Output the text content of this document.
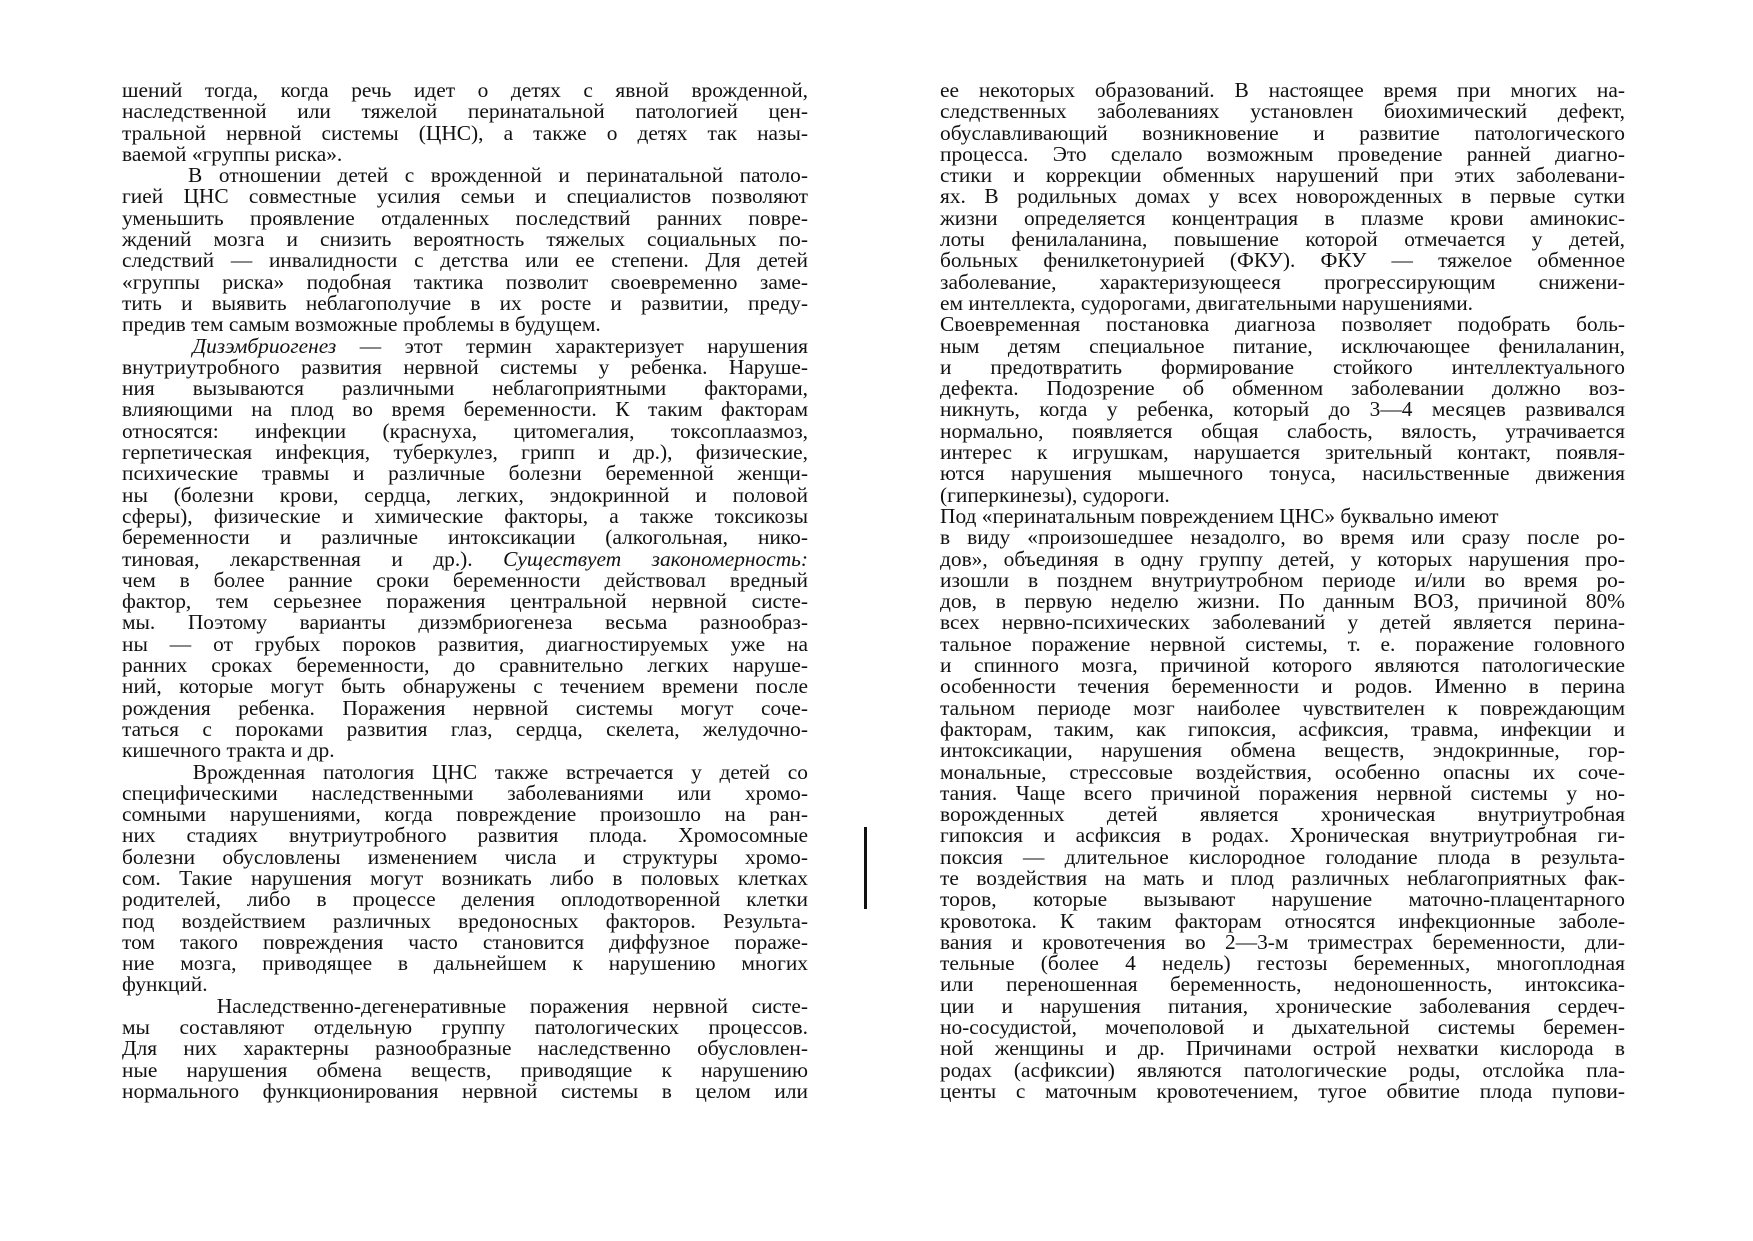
шений тогда, когда речь идет о детях с явной врожденной,
наследственной или тяжелой перинатальной патологией цен-
тральной нервной системы (ЦНС), а также о детях так назы-
ваемой «группы риска».
В отношении детей с врожденной и перинатальной патоло-
гией ЦНС совместные усилия семьи и специалистов позволяют
уменьшить проявление отдаленных последствий ранних повре-
ждений мозга и снизить вероятность тяжелых социальных по-
следствий — инвалидности с детства или ее степени. Для детей
«группы риска» подобная тактика позволит своевременно заме-
тить и выявить неблагополучие в их росте и развитии, преду-
предив тем самым возможные проблемы в будущем.
Дизэмбриогенез — этот термин характеризует нарушения
внутриутробного развития нервной системы у ребенка. Наруше-
ния вызываются различными неблагоприятными факторами,
влияющими на плод во время беременности. К таким факторам
относятся: инфекции (краснуха, цитомегалия, токсоплаазмоз,
герпетическая инфекция, туберкулез, грипп и др.), физические,
психические травмы и различные болезни беременной женщи-
ны (болезни крови, сердца, легких, эндокринной и половой
сферы), физические и химические факторы, а также токсикозы
беременности и различные интоксикации (алкогольная, нико-
тиновая, лекарственная и др.). Существует закономерность:
чем в более ранние сроки беременности действовал вредный
фактор, тем серьезнее поражения центральной нервной систе-
мы. Поэтому варианты дизэмбриогенеза весьма разнообраз-
ны — от грубых пороков развития, диагностируемых уже на
ранних сроках беременности, до сравнительно легких наруше-
ний, которые могут быть обнаружены с течением времени после
рождения ребенка. Поражения нервной системы могут соче-
таться с пороками развития глаз, сердца, скелета, желудочно-
кишечного тракта и др.
Врожденная патология ЦНС также встречается у детей со
специфическими наследственными заболеваниями или хромо-
сомными нарушениями, когда повреждение произошло на ран-
них стадиях внутриутробного развития плода. Хромосомные
болезни обусловлены изменением числа и структуры хромо-
сом. Такие нарушения могут возникать либо в половых клетках
родителей, либо в процессе деления оплодотворенной клетки
под воздействием различных вредоносных факторов. Результа-
том такого повреждения часто становится диффузное пораже-
ние мозга, приводящее в дальнейшем к нарушению многих
функций.
Наследственно-дегенеративные поражения нервной систе-
мы составляют отдельную группу патологических процессов.
Для них характерны разнообразные наследственно обусловлен-
ные нарушения обмена веществ, приводящие к нарушению
нормального функционирования нервной системы в целом или
ее некоторых образований. В настоящее время при многих на-
следственных заболеваниях установлен биохимический дефект,
обуславливающий возникновение и развитие патологического
процесса. Это сделало возможным проведение ранней диагно-
стики и коррекции обменных нарушений при этих заболевани-
ях. В родильных домах у всех новорожденных в первые сутки
жизни определяется концентрация в плазме крови аминокис-
лоты фенилаланина, повышение которой отмечается у детей,
больных фенилкетонурией (ФКУ). ФКУ — тяжелое обменное
заболевание, характеризующееся прогрессирующим снижени-
ем интеллекта, судорогами, двигательными нарушениями.
Своевременная постановка диагноза позволяет подобрать боль-
ным детям специальное питание, исключающее фенилаланин,
и предотвратить формирование стойкого интеллектуального
дефекта. Подозрение об обменном заболевании должно воз-
никнуть, когда у ребенка, который до 3—4 месяцев развивался
нормально, появляется общая слабость, вялость, утрачивается
интерес к игрушкам, нарушается зрительный контакт, появля-
ются нарушения мышечного тонуса, насильственные движения
(гиперкинезы), судороги.
Под «перинатальным повреждением ЦНС» буквально имеют
в виду «произошедшее незадолго, во время или сразу после ро-
дов», объединяя в одну группу детей, у которых нарушения про-
изошли в позднем внутриутробном периоде и/или во время ро-
дов, в первую неделю жизни. По данным ВОЗ, причиной 80%
всех нервно-психических заболеваний у детей является перина-
тальное поражение нервной системы, т. е. поражение головного
и спинного мозга, причиной которого являются патологические
особенности течения беременности и родов. Именно в перина
тальном периоде мозг наиболее чувствителен к повреждающим
факторам, таким, как гипоксия, асфиксия, травма, инфекции и
интоксикации, нарушения обмена веществ, эндокринные, гор-
мональные, стрессовые воздействия, особенно опасны их соче-
тания. Чаще всего причиной поражения нервной системы у но-
ворожденных детей является хроническая внутриутробная
гипоксия и асфиксия в родах. Хроническая внутриутробная ги-
поксия — длительное кислородное голодание плода в результа-
те воздействия на мать и плод различных неблагоприятных фак-
торов, которые вызывают нарушение маточно-плацентарного
кровотока. К таким факторам относятся инфекционные заболе-
вания и кровотечения во 2—3-м триместрах беременности, дли-
тельные (более 4 недель) гестозы беременных, многоплодная
или переношенная беременность, недоношенность, интоксика-
ции и нарушения питания, хронические заболевания сердеч-
но-сосудистой, мочеполовой и дыхательной системы беремен-
ной женщины и др. Причинами острой нехватки кислорода в
родах (асфиксии) являются патологические роды, отслойка пла-
центы с маточным кровотечением, тугое обвитие плода пупови-
